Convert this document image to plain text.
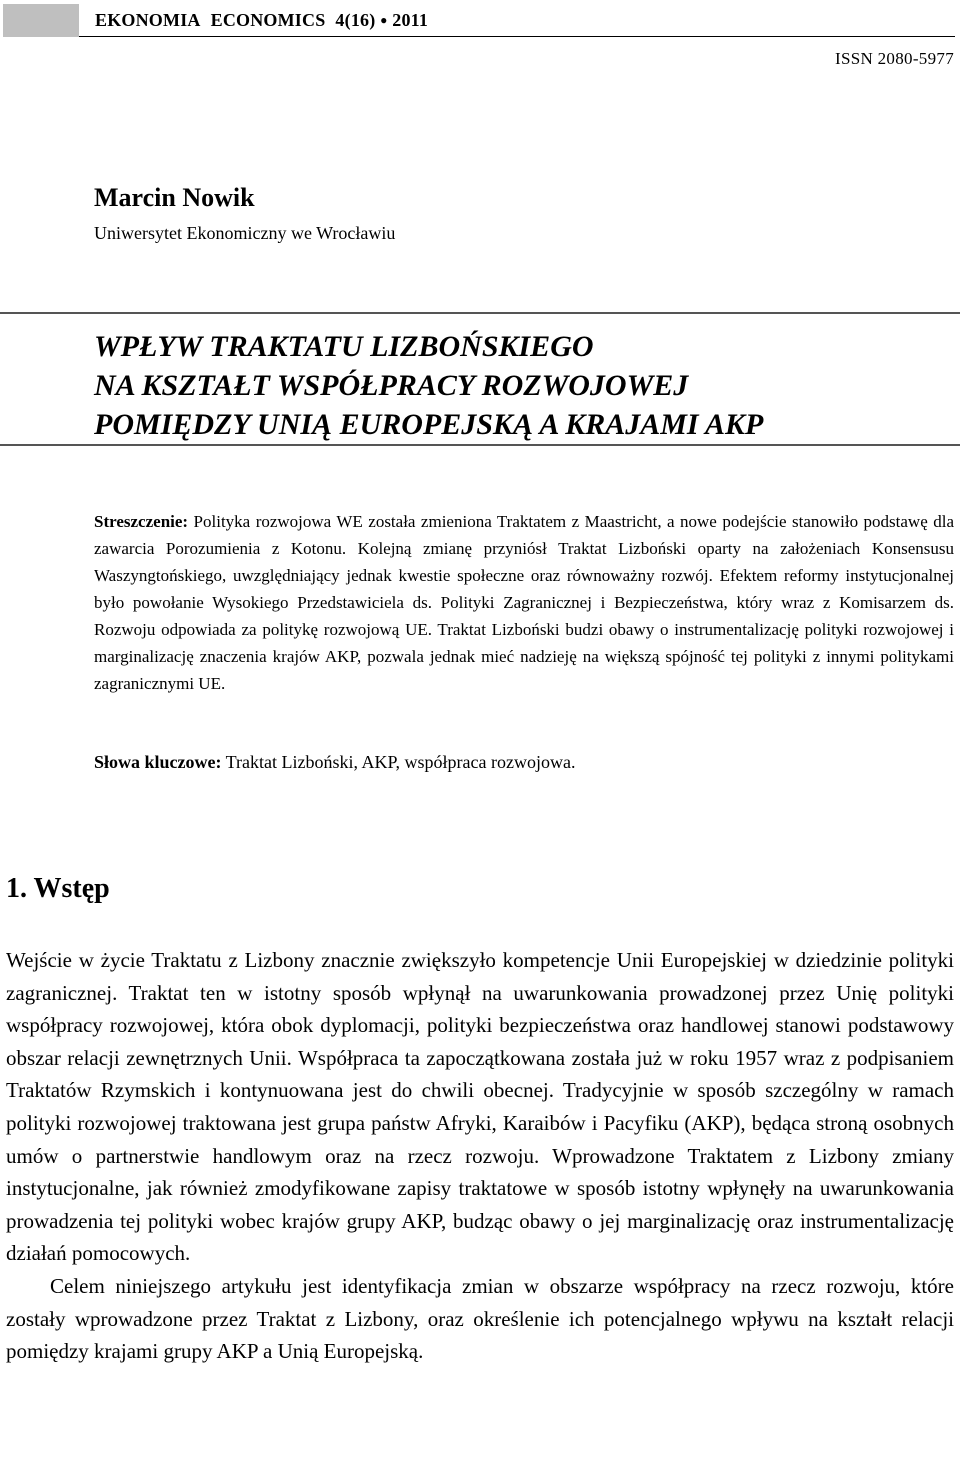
EKONOMIA ECONOMICS 4(16)
●
2011
ISSN 2080-5977
Marcin Nowik
Uniwersytet Ekonomiczny we Wrocławiu
WPŁYW TRAKTATU LIZBOŃSKIEGO
NA KSZTAŁT WSPÓŁPRACY ROZWOJOWEJ
POMIĘDZY UNIĄ EUROPEJSKĄ A KRAJAMI AKP
Streszczenie: Polityka rozwojowa WE została zmieniona Traktatem z Maastricht, a nowe podejście stanowiło podstawę dla zawarcia Porozumienia z Kotonu. Kolejną zmianę przyniósł Traktat Lizboński oparty na założeniach Konsensusu Waszyngtońskiego, uwzględniający jednak kwestie społeczne oraz równoważny rozwój. Efektem reformy instytucjonalnej było powołanie Wysokiego Przedstawiciela ds. Polityki Zagranicznej i Bezpieczeństwa, który wraz z Komisarzem ds. Rozwoju odpowiada za politykę rozwojową UE. Traktat Lizboński budzi obawy o instrumentalizację polityki rozwojowej i marginalizację znaczenia krajów AKP, pozwala jednak mieć nadzieję na większą spójność tej polityki z innymi politykami zagranicznymi UE.
Słowa kluczowe: Traktat Lizboński, AKP, współpraca rozwojowa.
1. Wstęp

Wejście w życie Traktatu z Lizbony znacznie zwiększyło kompetencje Unii Europejskiej w dziedzinie polityki zagranicznej. Traktat ten w istotny sposób wpłynął na uwarunkowania prowadzonej przez Unię polityki współpracy rozwojowej, która obok dyplomacji, polityki bezpieczeństwa oraz handlowej stanowi podstawowy obszar relacji zewnętrznych Unii. Współpraca ta zapoczątkowana została już w roku 1957 wraz z podpisaniem Traktatów Rzymskich i kontynuowana jest do chwili obecnej. Tradycyjnie w sposób szczególny w ramach polityki rozwojowej traktowana jest grupa państw Afryki, Karaibów i Pacyfiku (AKP), będąca stroną osobnych umów o partnerstwie handlowym oraz na rzecz rozwoju. Wprowadzone Traktatem z Lizbony zmiany instytucjonalne, jak również zmodyfikowane zapisy traktatowe w sposób istotny wpłynęły na uwarunkowania prowadzenia tej polityki wobec krajów grupy AKP, budząc obawy o jej marginalizację oraz instrumentalizację działań pomocowych.

Celem niniejszego artykułu jest identyfikacja zmian w obszarze współpracy na rzecz rozwoju, które zostały wprowadzone przez Traktat z Lizbony, oraz określenie ich potencjalnego wpływu na kształt relacji pomiędzy krajami grupy AKP a Unią Europejską.
